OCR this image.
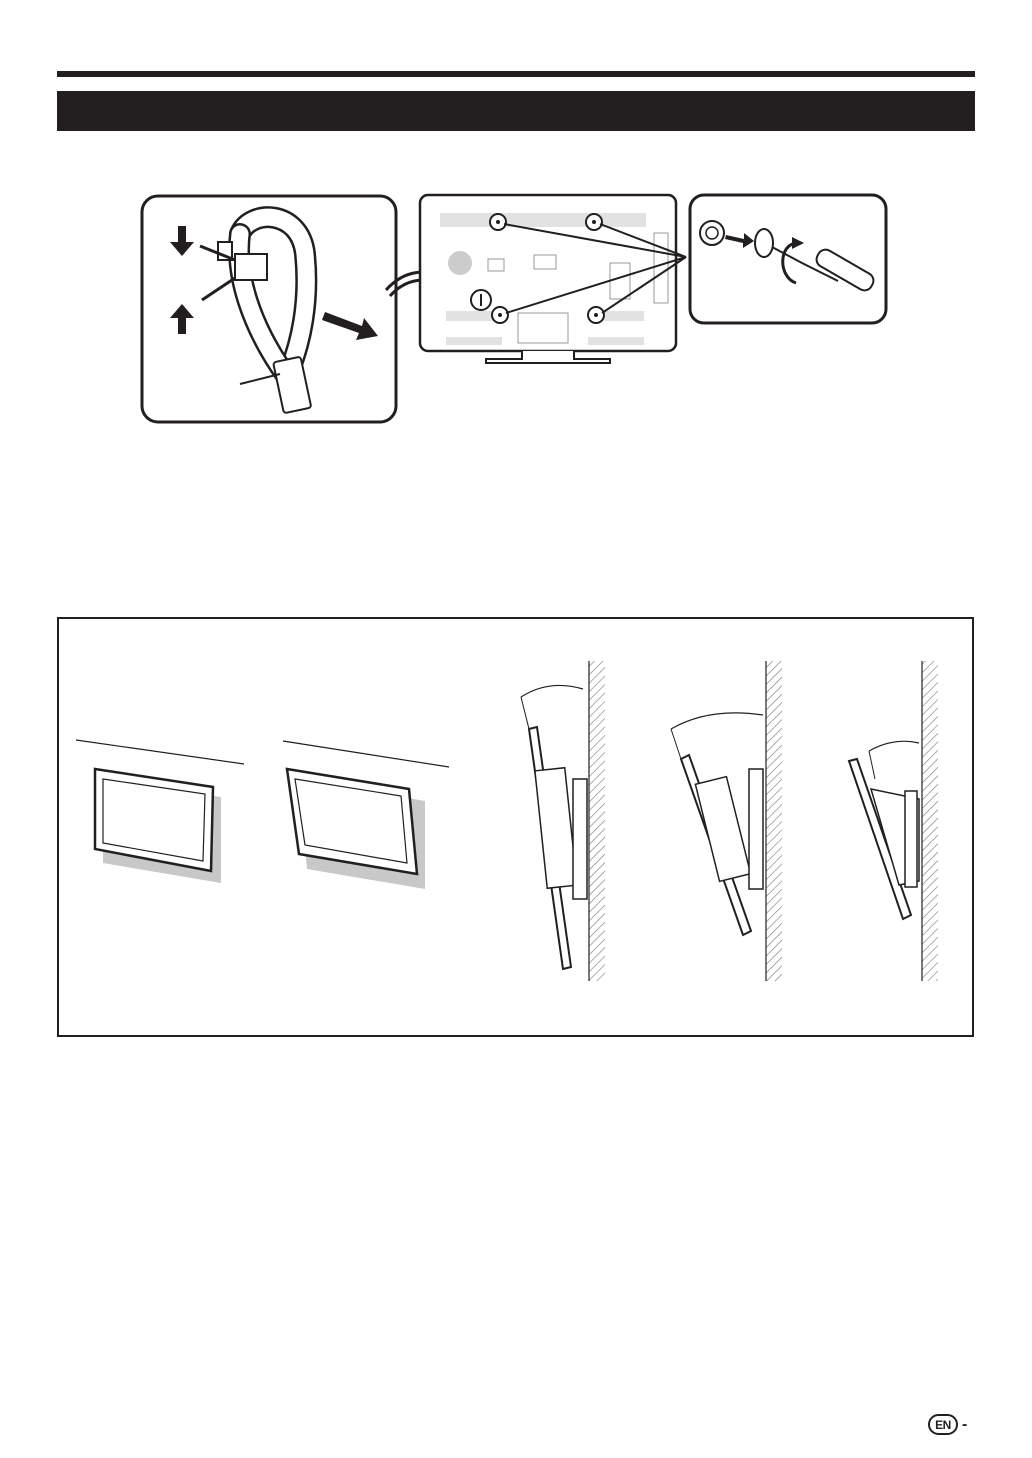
EN -
